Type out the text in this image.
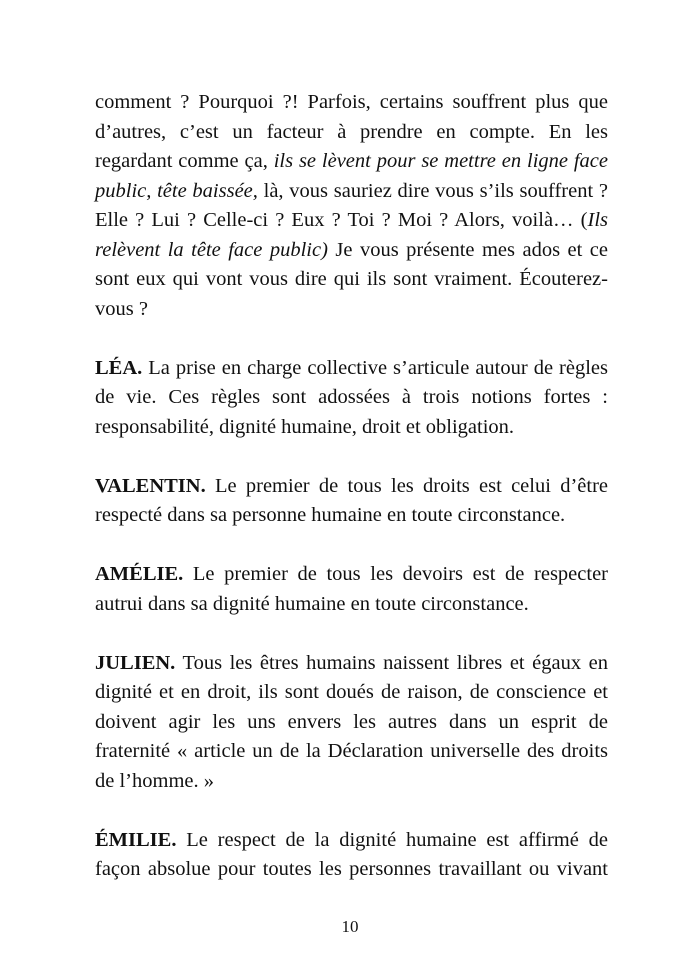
comment ? Pourquoi ?! Parfois, certains souffrent plus que d’autres, c’est un facteur à prendre en compte. En les regardant comme ça, ils se lèvent pour se mettre en ligne face public, tête baissée, là, vous sauriez dire vous s’ils souffrent ? Elle ? Lui ? Celle-ci ? Eux ? Toi ? Moi ? Alors, voilà… (Ils relèvent la tête face public) Je vous présente mes ados et ce sont eux qui vont vous dire qui ils sont vraiment. Écouterez-vous ?

LÉA. La prise en charge collective s’articule autour de règles de vie. Ces règles sont adossées à trois notions fortes : responsabilité, dignité humaine, droit et obligation.

VALENTIN. Le premier de tous les droits est celui d’être respecté dans sa personne humaine en toute circonstance.

AMÉLIE. Le premier de tous les devoirs est de respecter autrui dans sa dignité humaine en toute circonstance.

JULIEN. Tous les êtres humains naissent libres et égaux en dignité et en droit, ils sont doués de raison, de conscience et doivent agir les uns envers les autres dans un esprit de fraternité « article un de la Déclaration universelle des droits de l’homme. »

ÉMILIE. Le respect de la dignité humaine est affirmé de façon absolue pour toutes les personnes travaillant ou vivant

10
